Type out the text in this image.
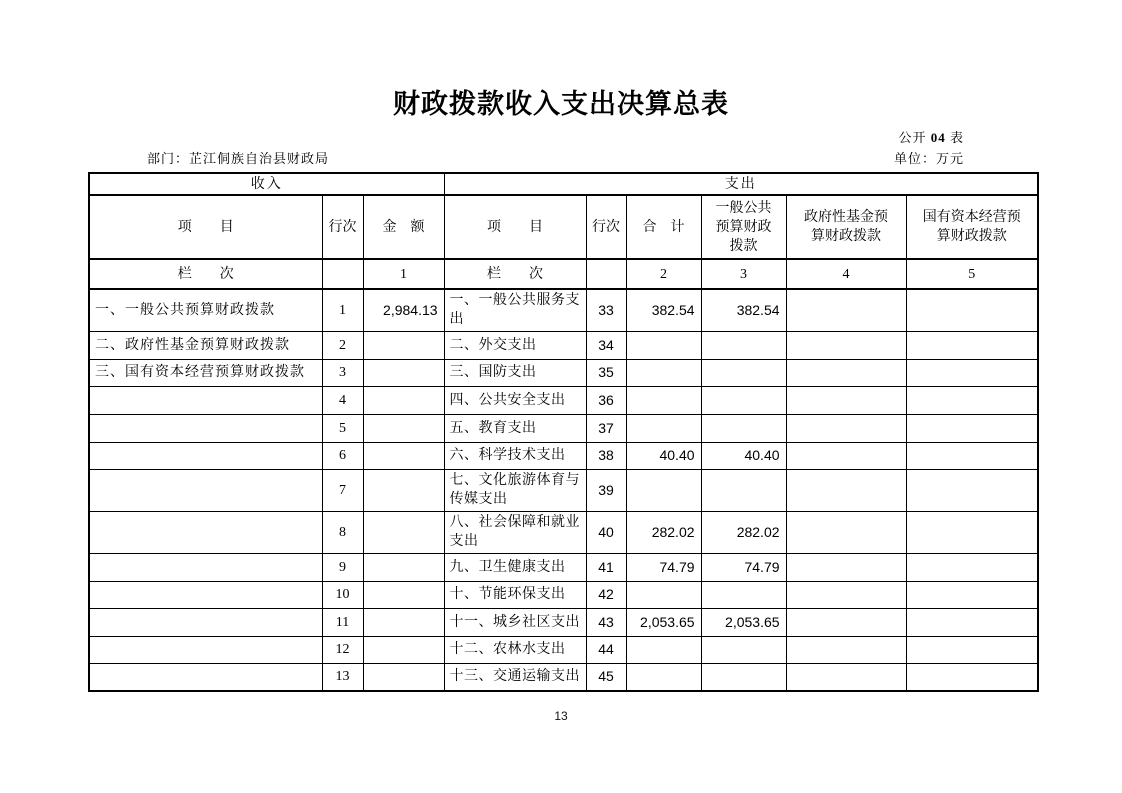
财政拨款收入支出决算总表
公开 04 表
部门：芷江侗族自治县财政局	单位：万元
收入			支出					
项　　目	行次	金　额	项　　目	行次	合　计	一般公共预算财政拨款	政府性基金预算财政拨款	国有资本经营预算财政拨款
栏　　次		1	栏　　次		2	3	4	5
一、一般公共预算财政拨款	1	2,984.13	一、一般公共服务支出	33	382.54	382.54		
二、政府性基金预算财政拨款	2		二、外交支出	34				
三、国有资本经营预算财政拨款	3		三、国防支出	35				
	4		四、公共安全支出	36				
	5		五、教育支出	37				
	6		六、科学技术支出	38	40.40	40.40		
	7		七、文化旅游体育与传媒支出	39				
	8		八、社会保障和就业支出	40	282.02	282.02		
	9		九、卫生健康支出	41	74.79	74.79		
	10		十、节能环保支出	42				
	11		十一、城乡社区支出	43	2,053.65	2,053.65		
	12		十二、农林水支出	44				
	13		十三、交通运输支出	45				
13
